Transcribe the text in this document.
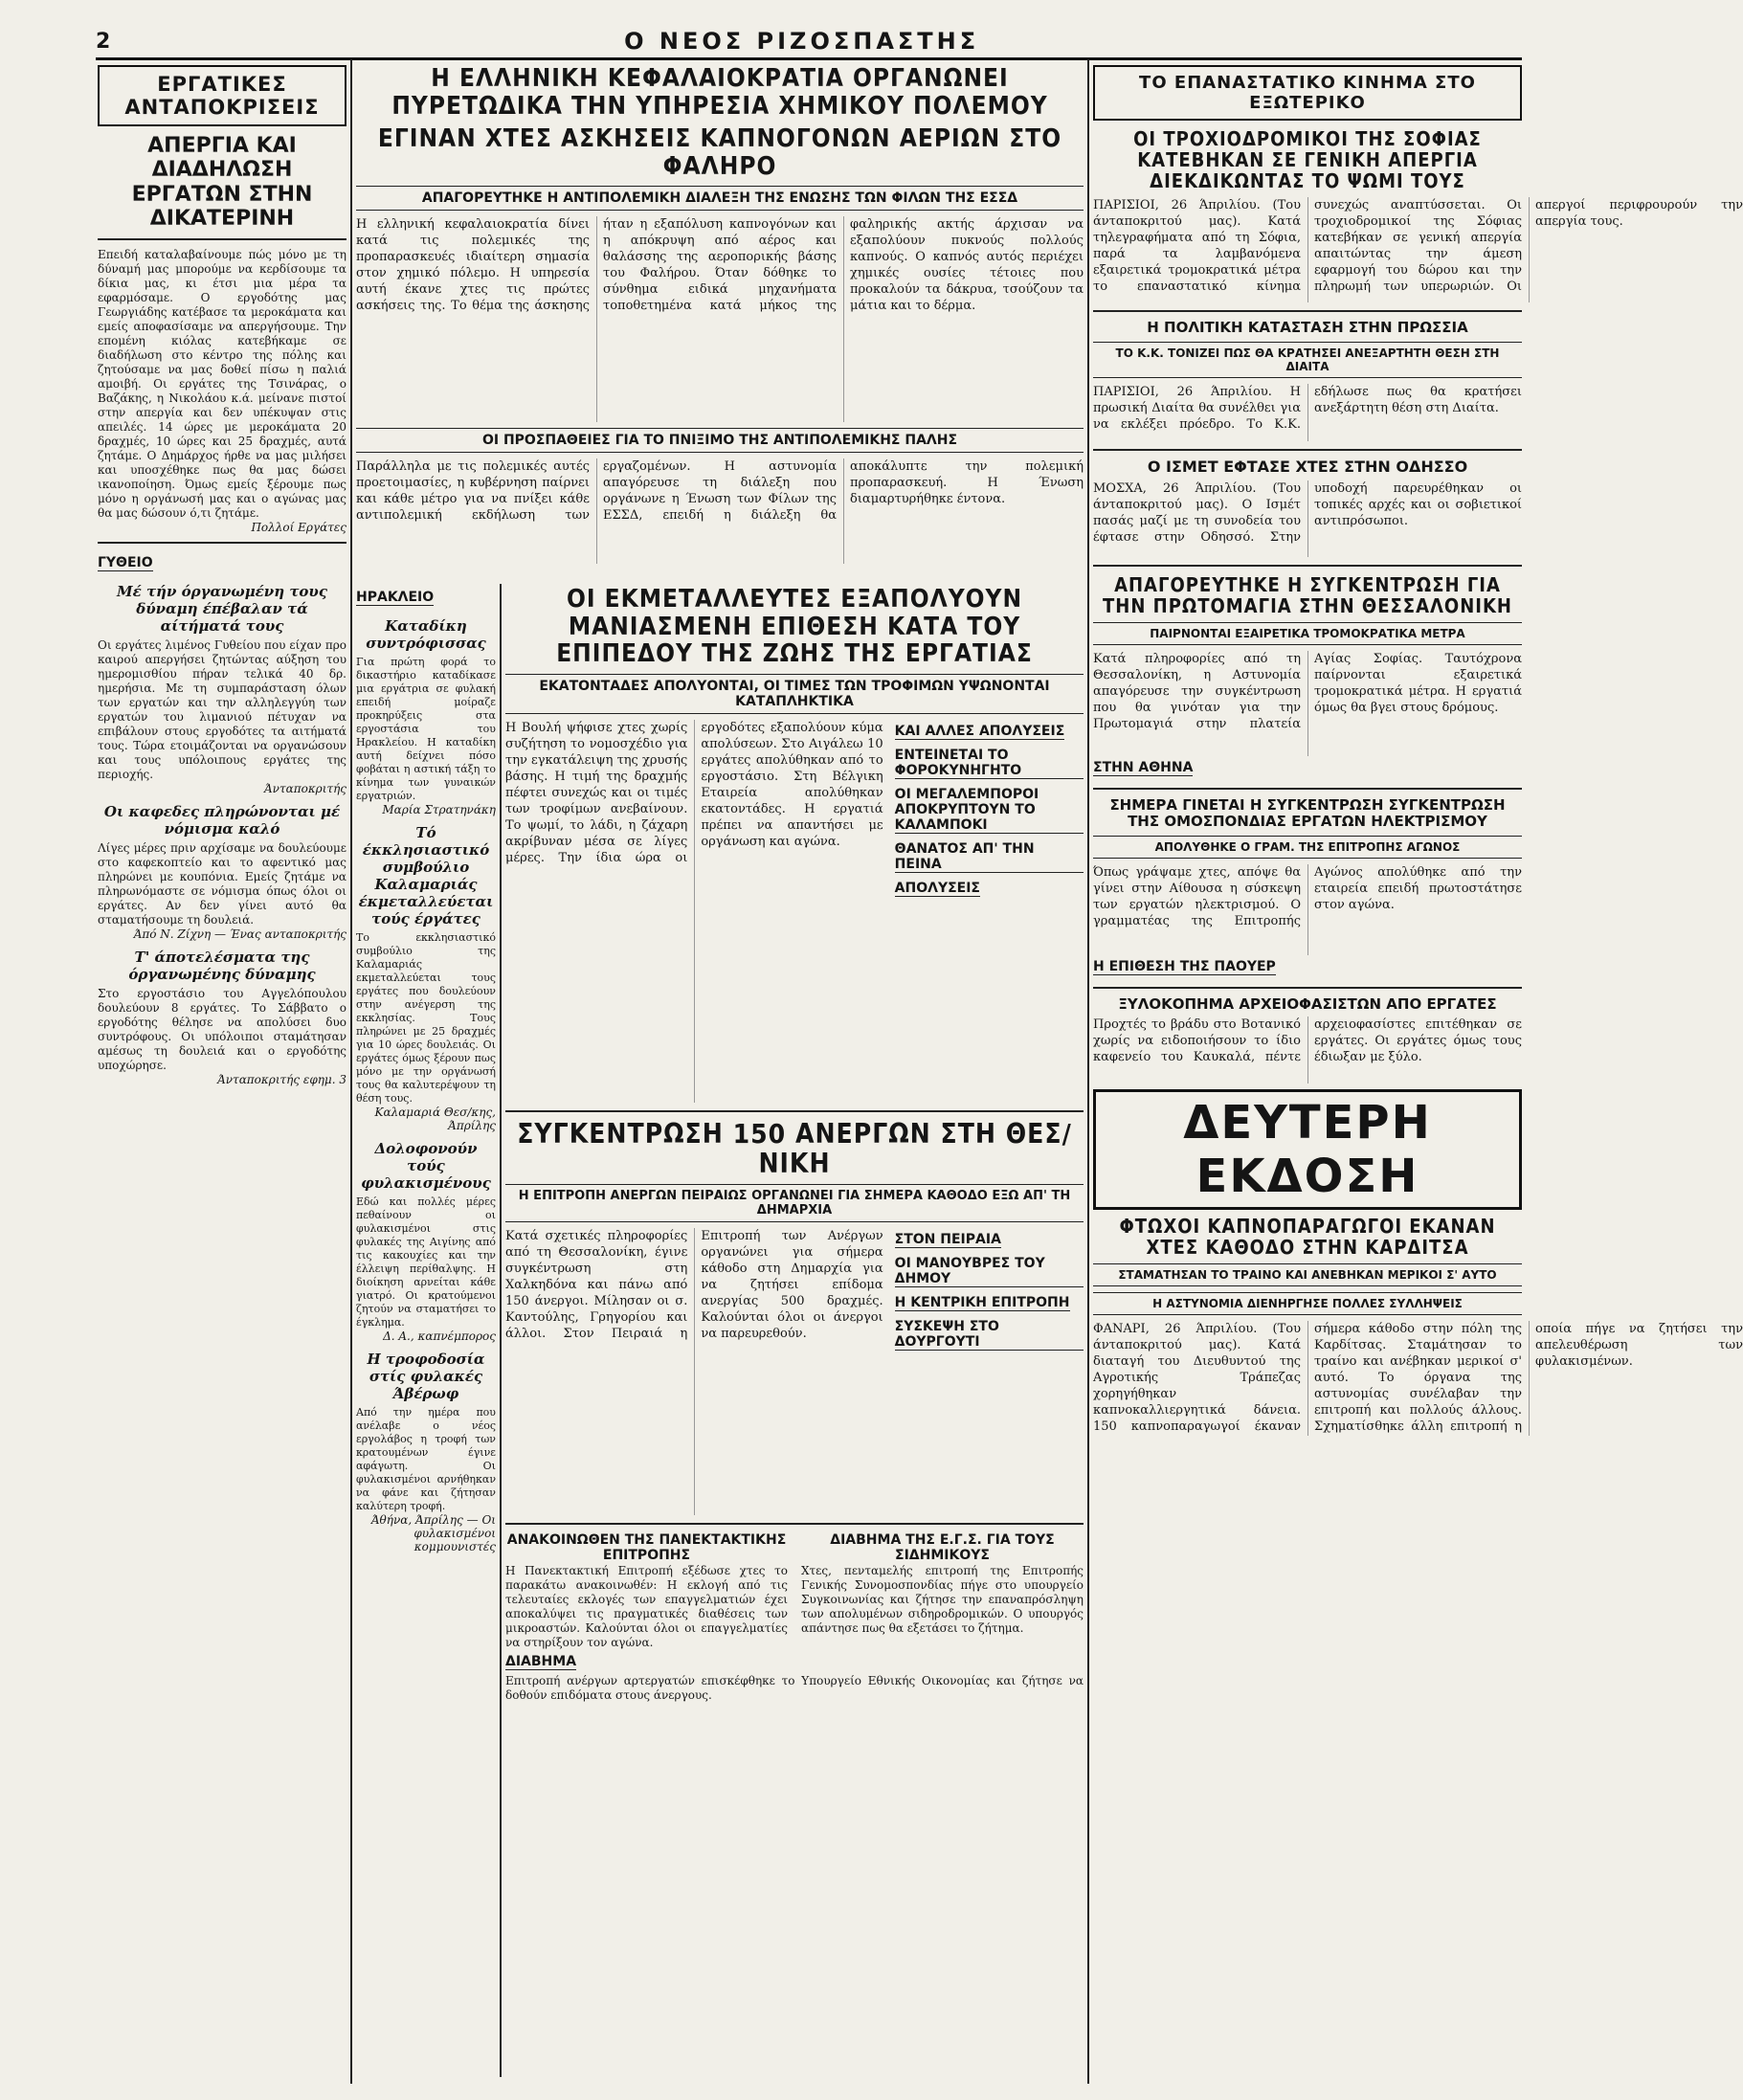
2	Ο ΝΕΟΣ ΡΙΖΟΣΠΑΣΤΗΣ
ΕΡΓΑΤΙΚΕΣ ΑΝΤΑΠΟΚΡΙΣΕΙΣ
ΑΠΕΡΓΙΑ ΚΑΙ ΔΙΑΔΗΛΩΣΗ ΕΡΓΑΤΩΝ ΣΤΗΝ ΔΙΚΑΤΕΡΙΝΗ
Επειδή καταλαβαίνουμε πώς μόνο με τη δύναμή μας μπορούμε να κερδίσουμε τα δίκια μας, κι έτσι μια μέρα τα εφαρμόσαμε. Ο εργοδότης μας Γεωργιάδης κατέβασε τα μεροκάματα και εμείς αποφασίσαμε να απεργήσουμε. Την επομένη κιόλας κατεβήκαμε σε διαδήλωση στο κέντρο της πόλης και ζητούσαμε να μας δοθεί πίσω η παλιά αμοιβή. Οι εργάτες της Τσινάρας, ο Βαζάκης, η Νικολάου κ.ά. μείνανε πιστοί στην απεργία και δεν υπέκυψαν στις απειλές. 14 ώρες με μεροκάματα 20 δραχμές, 10 ώρες και 25 δραχμές, αυτά ζητάμε. Ο Δημάρχος ήρθε να μας μιλήσει και υποσχέθηκε πως θα μας δώσει ικανοποίηση. Όμως εμείς ξέρουμε πως μόνο η οργάνωσή μας και ο αγώνας μας θα μας δώσουν ό,τι ζητάμε.
Πολλοί Εργάτες
ΓΥΘΕΙΟ
Μέ τήν όργανωμένη τους δύναμη έπέβαλαν τά αίτήματά τους
Οι εργάτες λιμένος Γυθείου που είχαν προ καιρού απεργήσει ζητώντας αύξηση του ημερομισθίου πήραν τελικά 40 δρ. ημερήσια. Με τη συμπαράσταση όλων των εργατών και την αλληλεγγύη των εργατών του λιμανιού πέτυχαν να επιβάλουν στους εργοδότες τα αιτήματά τους. Τώρα ετοιμάζονται να οργανώσουν και τους υπόλοιπους εργάτες της περιοχής.
Άνταποκριτής
Οι καφεδες πληρώνονται μέ νόμισμα καλό
Λίγες μέρες πριν αρχίσαμε να δουλεύουμε στο καφεκοπτείο και το αφεντικό μας πληρώνει με κουπόνια. Εμείς ζητάμε να πληρωνόμαστε σε νόμισμα όπως όλοι οι εργάτες. Αν δεν γίνει αυτό θα σταματήσουμε τη δουλειά.
Άπό Ν. Ζίχνη — Ένας ανταποκριτής
Τ' άποτελέσματα της όργανωμένης δύναμης
Στο εργοστάσιο του Αγγελόπουλου δουλεύουν 8 εργάτες. Το Σάββατο ο εργοδότης θέλησε να απολύσει δυο συντρόφους. Οι υπόλοιποι σταμάτησαν αμέσως τη δουλειά και ο εργοδότης υποχώρησε.
Άνταποκριτής εφημ. 3
ΗΡΑΚΛΕΙΟ
Καταδίκη συντρόφισσας
Για πρώτη φορά το δικαστήριο καταδίκασε μια εργάτρια σε φυλακή επειδή μοίραζε προκηρύξεις στα εργοστάσια του Ηρακλείου. Η καταδίκη αυτή δείχνει πόσο φοβάται η αστική τάξη το κίνημα των γυναικών εργατριών.
Μαρία Στρατηνάκη
Τό έκκλησιαστικό συμβούλιο Καλαμαριάς έκμεταλλεύεται τούς έργάτες
Το εκκλησιαστικό συμβούλιο της Καλαμαριάς εκμεταλλεύεται τους εργάτες που δουλεύουν στην ανέγερση της εκκλησίας. Τους πληρώνει με 25 δραχμές για 10 ώρες δουλειάς. Οι εργάτες όμως ξέρουν πως μόνο με την οργάνωσή τους θα καλυτερέψουν τη θέση τους.
Καλαμαριά Θεσ/κης, Άπρίλης
Δολοφονούν τούς φυλακισμένους
Εδώ και πολλές μέρες πεθαίνουν οι φυλακισμένοι στις φυλακές της Αιγίνης από τις κακουχίες και την έλλειψη περίθαλψης. Η διοίκηση αρνείται κάθε γιατρό. Οι κρατούμενοι ζητούν να σταματήσει το έγκλημα.
Δ. Α., καπνέμπορος
Η τροφοδοσία στίς φυλακές Άβέρωφ
Από την ημέρα που ανέλαβε ο νέος εργολάβος η τροφή των κρατουμένων έγινε αφάγωτη. Οι φυλακισμένοι αρνήθηκαν να φάνε και ζήτησαν καλύτερη τροφή.
Άθήνα, Άπρίλης — Οι φυλακισμένοι κομμουνιστές
Η ΕΛΛΗΝΙΚΗ ΚΕΦΑΛΑΙΟΚΡΑΤΙΑ ΟΡΓΑΝΩΝΕΙ ΠΥΡΕΤΩΔΙΚΑ ΤΗΝ ΥΠΗΡΕΣΙΑ ΧΗΜΙΚΟΥ ΠΟΛΕΜΟΥ
ΕΓΙΝΑΝ ΧΤΕΣ ΑΣΚΗΣΕΙΣ ΚΑΠΝΟΓΟΝΩΝ ΑΕΡΙΩΝ ΣΤΟ ΦΑΛΗΡΟ
ΑΠΑΓΟΡΕΥΤΗΚΕ Η ΑΝΤΙΠΟΛΕΜΙΚΗ ΔΙΑΛΕΞΗ ΤΗΣ ΕΝΩΣΗΣ ΤΩΝ ΦΙΛΩΝ ΤΗΣ ΕΣΣΔ
Η ελληνική κεφαλαιοκρατία δίνει κατά τις πολεμικές της προπαρασκευές ιδιαίτερη σημασία στον χημικό πόλεμο. Η υπηρεσία αυτή έκανε χτες τις πρώτες ασκήσεις της. Το θέμα της άσκησης ήταν η εξαπόλυση καπνογόνων και η απόκρυψη από αέρος και θαλάσσης της αεροπορικής βάσης του Φαλήρου. Όταν δόθηκε το σύνθημα ειδικά μηχανήματα τοποθετημένα κατά μήκος της φαληρικής ακτής άρχισαν να εξαπολύουν πυκνούς πολλούς καπνούς. Ο καπνός αυτός περιέχει χημικές ουσίες τέτοιες που προκαλούν τα δάκρυα, τσούζουν τα μάτια και το δέρμα.
ΟΙ ΠΡΟΣΠΑΘΕΙΕΣ ΓΙΑ ΤΟ ΠΝΙΞΙΜΟ ΤΗΣ ΑΝΤΙΠΟΛΕΜΙΚΗΣ ΠΑΛΗΣ
Παράλληλα με τις πολεμικές αυτές προετοιμασίες, η κυβέρνηση παίρνει και κάθε μέτρο για να πνίξει κάθε αντιπολεμική εκδήλωση των εργαζομένων. Η αστυνομία απαγόρευσε τη διάλεξη που οργάνωνε η Ένωση των Φίλων της ΕΣΣΔ, επειδή η διάλεξη θα αποκάλυπτε την πολεμική προπαρασκευή. Η Ένωση διαμαρτυρήθηκε έντονα.
ΟΙ ΕΚΜΕΤΑΛΛΕΥΤΕΣ ΕΞΑΠΟΛΥΟΥΝ ΜΑΝΙΑΣΜΕΝΗ ΕΠΙΘΕΣΗ ΚΑΤΑ ΤΟΥ ΕΠΙΠΕΔΟΥ ΤΗΣ ΖΩΗΣ ΤΗΣ ΕΡΓΑΤΙΑΣ
ΕΚΑΤΟΝΤΑΔΕΣ ΑΠΟΛΥΟΝΤΑΙ, ΟΙ ΤΙΜΕΣ ΤΩΝ ΤΡΟΦΙΜΩΝ ΥΨΩΝΟΝΤΑΙ ΚΑΤΑΠΛΗΚΤΙΚΑ
Η Βουλή ψήφισε χτες χωρίς συζήτηση το νομοσχέδιο για την εγκατάλειψη της χρυσής βάσης. Η τιμή της δραχμής πέφτει συνεχώς και οι τιμές των τροφίμων ανεβαίνουν. Το ψωμί, το λάδι, η ζάχαρη ακρίβυναν μέσα σε λίγες μέρες. Την ίδια ώρα οι εργοδότες εξαπολύουν κύμα απολύσεων. Στο Αιγάλεω 10 εργάτες απολύθηκαν από το εργοστάσιο. Στη Βέλγικη Εταιρεία απολύθηκαν εκατοντάδες. Η εργατιά πρέπει να απαντήσει με οργάνωση και αγώνα.
ΚΑΙ ΑΛΛΕΣ ΑΠΟΛΥΣΕΙΣ ΕΝΤΕΙΝΕΤΑΙ ΤΟ ΦΟΡΟΚΥΝΗΓΗΤΟ ΟΙ ΜΕΓΑΛΕΜΠΟΡΟΙ ΑΠΟΚΡΥΠΤΟΥΝ ΤΟ ΚΑΛΑΜΠΟΚΙ ΘΑΝΑΤΟΣ ΑΠ' ΤΗΝ ΠΕΙΝΑ ΑΠΟΛΥΣΕΙΣ
ΣΥΓΚΕΝΤΡΩΣΗ 150 ΑΝΕΡΓΩΝ ΣΤΗ ΘΕΣ/ΝΙΚΗ
Η ΕΠΙΤΡΟΠΗ ΑΝΕΡΓΩΝ ΠΕΙΡΑΙΩΣ ΟΡΓΑΝΩΝΕΙ ΓΙΑ ΣΗΜΕΡΑ ΚΑΘΟΔΟ ΕΞΩ ΑΠ' ΤΗ ΔΗΜΑΡΧΙΑ
Κατά σχετικές πληροφορίες από τη Θεσσαλονίκη, έγινε συγκέντρωση στη Χαλκηδόνα και πάνω από 150 άνεργοι. Μίλησαν οι σ. Καντούλης, Γρηγορίου και άλλοι. Στον Πειραιά η Επιτροπή των Ανέργων οργανώνει για σήμερα κάθοδο στη Δημαρχία για να ζητήσει επίδομα ανεργίας 500 δραχμές. Καλούνται όλοι οι άνεργοι να παρευρεθούν.
ΣΤΟΝ ΠΕΙΡΑΙΑ ΟΙ ΜΑΝΟΥΒΡΕΣ ΤΟΥ ΔΗΜΟΥ Η ΚΕΝΤΡΙΚΗ ΕΠΙΤΡΟΠΗ ΣΥΣΚΕΨΗ ΣΤΟ ΔΟΥΡΓΟΥΤΙ
ΑΝΑΚΟΙΝΩΘΕΝ ΤΗΣ ΠΑΝΕΚΤΑΚΤΙΚΗΣ ΕΠΙΤΡΟΠΗΣ
Η Πανεκτακτική Επιτροπή εξέδωσε χτες το παρακάτω ανακοινωθέν: Η εκλογή από τις τελευταίες εκλογές των επαγγελματιών έχει αποκαλύψει τις πραγματικές διαθέσεις των μικροαστών. Καλούνται όλοι οι επαγγελματίες να στηρίξουν τον αγώνα.
ΔΙΑΒΗΜΑ ΤΗΣ Ε.Γ.Σ. ΓΙΑ ΤΟΥΣ ΣΙΔΗΜΙΚΟΥΣ
Χτες, πενταμελής επιτροπή της Επιτροπής Γενικής Συνομοσπονδίας πήγε στο υπουργείο Συγκοινωνίας και ζήτησε την επαναπρόσληψη των απολυμένων σιδηροδρομικών. Ο υπουργός απάντησε πως θα εξετάσει το ζήτημα.
ΔΙΑΒΗΜΑ
Επιτροπή ανέργων αρτεργατών επισκέφθηκε το Υπουργείο Εθνικής Οικονομίας και ζήτησε να δοθούν επιδόματα στους άνεργους.
ΤΟ ΕΠΑΝΑΣΤΑΤΙΚΟ ΚΙΝΗΜΑ ΣΤΟ ΕΞΩΤΕΡΙΚΟ
ΟΙ ΤΡΟΧΙΟΔΡΟΜΙΚΟΙ ΤΗΣ ΣΟΦΙΑΣ ΚΑΤΕΒΗΚΑΝ ΣΕ ΓΕΝΙΚΗ ΑΠΕΡΓΙΑ ΔΙΕΚΔΙΚΩΝΤΑΣ ΤΟ ΨΩΜΙ ΤΟΥΣ
ΠΑΡΙΣΙΟΙ, 26 Άπριλίου. (Του άνταποκριτού μας). Κατά τηλεγραφήματα από τη Σόφια, παρά τα λαμβανόμενα εξαιρετικά τρομοκρατικά μέτρα το επαναστατικό κίνημα συνεχώς αναπτύσσεται. Οι τροχιοδρομικοί της Σόφιας κατεβήκαν σε γενική απεργία απαιτώντας την άμεση εφαρμογή του δώρου και την πληρωμή των υπερωριών. Οι απεργοί περιφρουρούν την απεργία τους.
Η ΠΟΛΙΤΙΚΗ ΚΑΤΑΣΤΑΣΗ ΣΤΗΝ ΠΡΩΣΣΙΑ
ΤΟ Κ.Κ. ΤΟΝΙΖΕΙ ΠΩΣ ΘΑ ΚΡΑΤΗΣΕΙ ΑΝΕΞΑΡΤΗΤΗ ΘΕΣΗ ΣΤΗ ΔΙΑΙΤΑ
ΠΑΡΙΣΙΟΙ, 26 Άπριλίου. Η πρωσική Διαίτα θα συνέλθει για να εκλέξει πρόεδρο. Το Κ.Κ. εδήλωσε πως θα κρατήσει ανεξάρτητη θέση στη Διαίτα.
Ο ΙΣΜΕΤ ΕΦΤΑΣΕ ΧΤΕΣ ΣΤΗΝ ΟΔΗΣΣΟ
ΜΟΣΧΑ, 26 Άπριλίου. (Του άνταποκριτού μας). Ο Ισμέτ πασάς μαζί με τη συνοδεία του έφτασε στην Οδησσό. Στην υποδοχή παρευρέθηκαν οι τοπικές αρχές και οι σοβιετικοί αντιπρόσωποι.
ΑΠΑΓΟΡΕΥΤΗΚΕ Η ΣΥΓΚΕΝΤΡΩΣΗ ΓΙΑ ΤΗΝ ΠΡΩΤΟΜΑΓΙΑ ΣΤΗΝ ΘΕΣΣΑΛΟΝΙΚΗ
ΠΑΙΡΝΟΝΤΑΙ ΕΞΑΙΡΕΤΙΚΑ ΤΡΟΜΟΚΡΑΤΙΚΑ ΜΕΤΡΑ
Κατά πληροφορίες από τη Θεσσαλονίκη, η Αστυνομία απαγόρευσε την συγκέντρωση που θα γινόταν για την Πρωτομαγιά στην πλατεία Αγίας Σοφίας. Ταυτόχρονα παίρνονται εξαιρετικά τρομοκρατικά μέτρα. Η εργατιά όμως θα βγει στους δρόμους.
ΣΤΗΝ ΑΘΗΝΑ
ΣΗΜΕΡΑ ΓΙΝΕΤΑΙ Η ΣΥΓΚΕΝΤΡΩΣΗ ΣΥΓΚΕΝΤΡΩΣΗ ΤΗΣ ΟΜΟΣΠΟΝΔΙΑΣ ΕΡΓΑΤΩΝ ΗΛΕΚΤΡΙΣΜΟΥ
ΑΠΟΛΥΘΗΚΕ Ο ΓΡΑΜ. ΤΗΣ ΕΠΙΤΡΟΠΗΣ ΑΓΩΝΟΣ
Όπως γράψαμε χτες, απόψε θα γίνει στην Αίθουσα η σύσκεψη των εργατών ηλεκτρισμού. Ο γραμματέας της Επιτροπής Αγώνος απολύθηκε από την εταιρεία επειδή πρωτοστάτησε στον αγώνα.
Η ΕΠΙΘΕΣΗ ΤΗΣ ΠΑΟΥΕΡ
ΞΥΛΟΚΟΠΗΜΑ ΑΡΧΕΙΟΦΑΣΙΣΤΩΝ ΑΠΟ ΕΡΓΑΤΕΣ
Προχτές το βράδυ στο Βοτανικό χωρίς να ειδοποιήσουν το ίδιο καφενείο του Καυκαλά, πέντε αρχειοφασίστες επιτέθηκαν σε εργάτες. Οι εργάτες όμως τους έδιωξαν με ξύλο.
ΔΕΥΤΕΡΗ ΕΚΔΟΣΗ
ΦΤΩΧΟΙ ΚΑΠΝΟΠΑΡΑΓΩΓΟΙ ΕΚΑΝΑΝ ΧΤΕΣ ΚΑΘΟΔΟ ΣΤΗΝ ΚΑΡΔΙΤΣΑ
ΣΤΑΜΑΤΗΣΑΝ ΤΟ ΤΡΑΙΝΟ ΚΑΙ ΑΝΕΒΗΚΑΝ ΜΕΡΙΚΟΙ Σ' ΑΥΤΟ
Η ΑΣΤΥΝΟΜΙΑ ΔΙΕΝΗΡΓΗΣΕ ΠΟΛΛΕΣ ΣΥΛΛΗΨΕΙΣ
ΦΑΝΑΡΙ, 26 Άπριλίου. (Του άνταποκριτού μας). Κατά διαταγή του Διευθυντού της Αγροτικής Τράπεζας χορηγήθηκαν καπνοκαλλιεργητικά δάνεια. 150 καπνοπαραγωγοί έκαναν σήμερα κάθοδο στην πόλη της Καρδίτσας. Σταμάτησαν το τραίνο και ανέβηκαν μερικοί σ' αυτό. Το όργανα της αστυνομίας συνέλαβαν την επιτροπή και πολλούς άλλους. Σχηματίσθηκε άλλη επιτροπή η οποία πήγε να ζητήσει την απελευθέρωση των φυλακισμένων.
